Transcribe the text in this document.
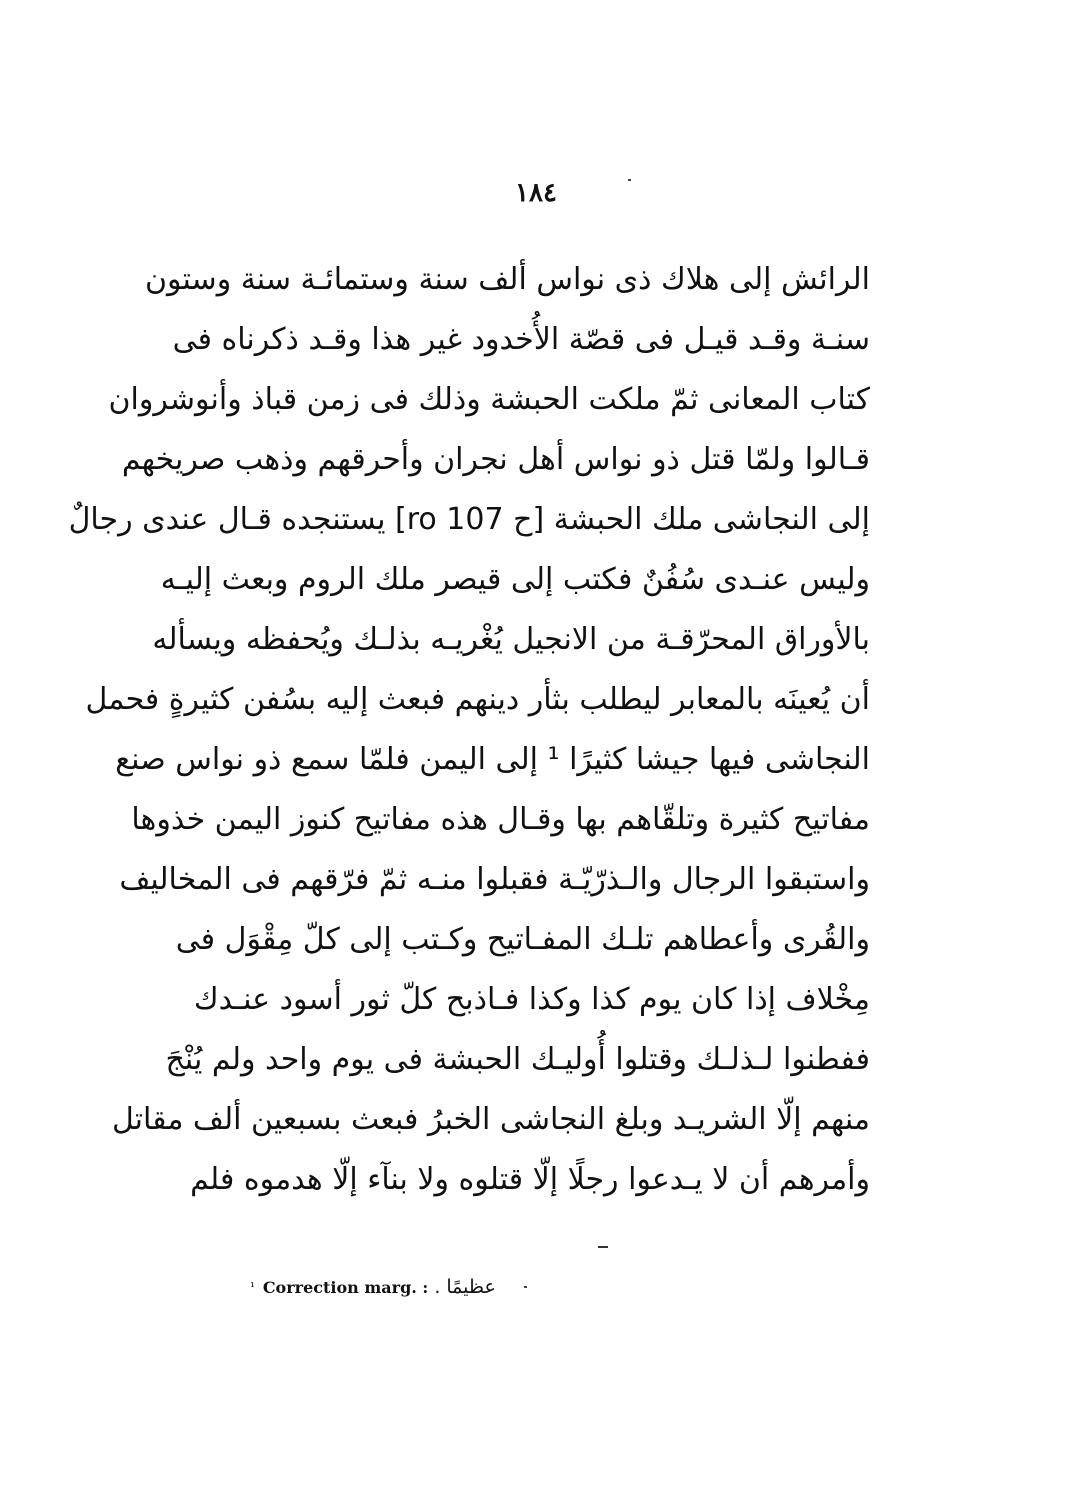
١٨٤
الرائش إلى هلاك ذى نواس ألف سنة وستمائـة سنة وستون
سنـة وقـد قيـل فى قصّة الأُخدود غير هذا وقـد ذكرناه فى
كتاب المعانى ثمّ ملكت الحبشة وذلك فى زمن قباذ وأنوشروان
قـالوا ولمّا قتل ذو نواس أهل نجران وأحرقهم وذهب صريخهم
إلى النجاشى ملك الحبشة [ح 107 ro] يستنجده قـال عندى رجالٌ
وليس عنـدى سُفُنٌ فكتب إلى قيصر ملك الروم وبعث إليـه
بالأوراق المحرّقـة من الانجيل يُغْريـه بذلـك ويُحفظه ويسأله
أن يُعينَه بالمعابر ليطلب بثأر دينهم فبعث إليه بسُفن كثيرةٍ فحمل
النجاشى فيها جيشا كثيرًا ¹ إلى اليمن فلمّا سمع ذو نواس صنع
مفاتيح كثيرة وتلقّاهم بها وقـال هذه مفاتيح كنوز اليمن خذوها
واستبقوا الرجال والـذرّيّـة فقبلوا منـه ثمّ فرّقهم فى المخاليف
والقُرى وأعطاهم تلـك المفـاتيح وكـتب إلى كلّ مِقْوَل فى
مِخْلاف إذا كان يوم كذا وكذا فـاذبح كلّ ثور أسود عنـدك
ففطنوا لـذلـك وقتلوا أُوليـك الحبشة فى يوم واحد ولم يُنْجَ
منهم إلّا الشريـد وبلغ النجاشى الخبرُ فبعث بسبعين ألف مقاتل
وأمرهم أن لا يـدعوا رجلًا إلّا قتلوه ولا بنآء إلّا هدموه فلم
$^{^1}$ Correction marg. : عظيمًا .
